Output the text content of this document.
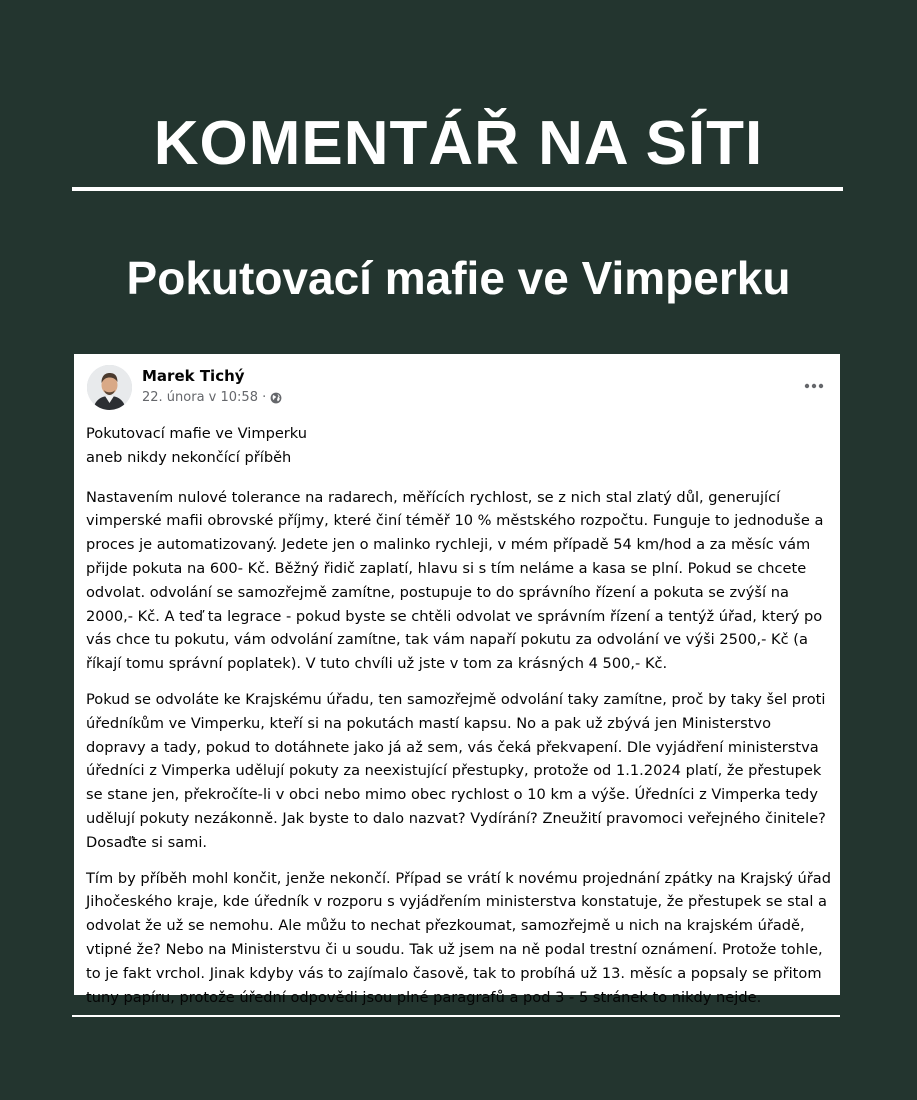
KOMENTÁŘ NA SÍTI
Pokutovací mafie ve Vimperku

Marek Tichý

22. února v 10:58 ·

Pokutovací mafie ve Vimperku
aneb nikdy nekončící příběh

Nastavením nulové tolerance na radarech, měřících rychlost, se z nich stal zlatý důl, generující vimperské mafii obrovské příjmy, které činí téměř 10 % městského rozpočtu. Funguje to jednoduše a proces je automatizovaný. Jedete jen o malinko rychleji, v mém případě 54 km/hod a za měsíc vám přijde pokuta na 600- Kč. Běžný řidič zaplatí, hlavu si s tím neláme a kasa se plní. Pokud se chcete odvolat. odvolání se samozřejmě zamítne, postupuje to do správního řízení a pokuta se zvýší na 2000,- Kč. A teď ta legrace - pokud byste se chtěli odvolat ve správním řízení a tentýž úřad, který po vás chce tu pokutu, vám odvolání zamítne, tak vám napaří pokutu za odvolání ve výši 2500,- Kč (a říkají tomu správní poplatek). V tuto chvíli už jste v tom za krásných 4 500,- Kč.

Pokud se odvoláte ke Krajskému úřadu, ten samozřejmě odvolání taky zamítne, proč by taky šel proti úředníkům ve Vimperku, kteří si na pokutách mastí kapsu. No a pak už zbývá jen Ministerstvo dopravy a tady, pokud to dotáhnete jako já až sem, vás čeká překvapení. Dle vyjádření ministerstva úředníci z Vimperka udělují pokuty za neexistující přestupky, protože od 1.1.2024 platí, že přestupek se stane jen, překročíte-li v obci nebo mimo obec rychlost o 10 km a výše. Úředníci z Vimperka tedy udělují pokuty nezákonně. Jak byste to dalo nazvat? Vydírání? Zneužití pravomoci veřejného činitele? Dosaďte si sami.

Tím by příběh mohl končit, jenže nekončí. Případ se vrátí k novému projednání zpátky na Krajský úřad Jihočeského kraje, kde úředník v rozporu s vyjádřením ministerstva konstatuje, že přestupek se stal a odvolat že už se nemohu. Ale můžu to nechat přezkoumat, samozřejmě u nich na krajském úřadě, vtipné že? Nebo na Ministerstvu či u soudu. Tak už jsem na ně podal trestní oznámení. Protože tohle, to je fakt vrchol. Jinak kdyby vás to zajímalo časově, tak to probíhá už 13. měsíc a popsaly se přitom tuny papíru, protože úřední odpovědi jsou plné paragrafů a pod 3 - 5 stránek to nikdy nejde.
